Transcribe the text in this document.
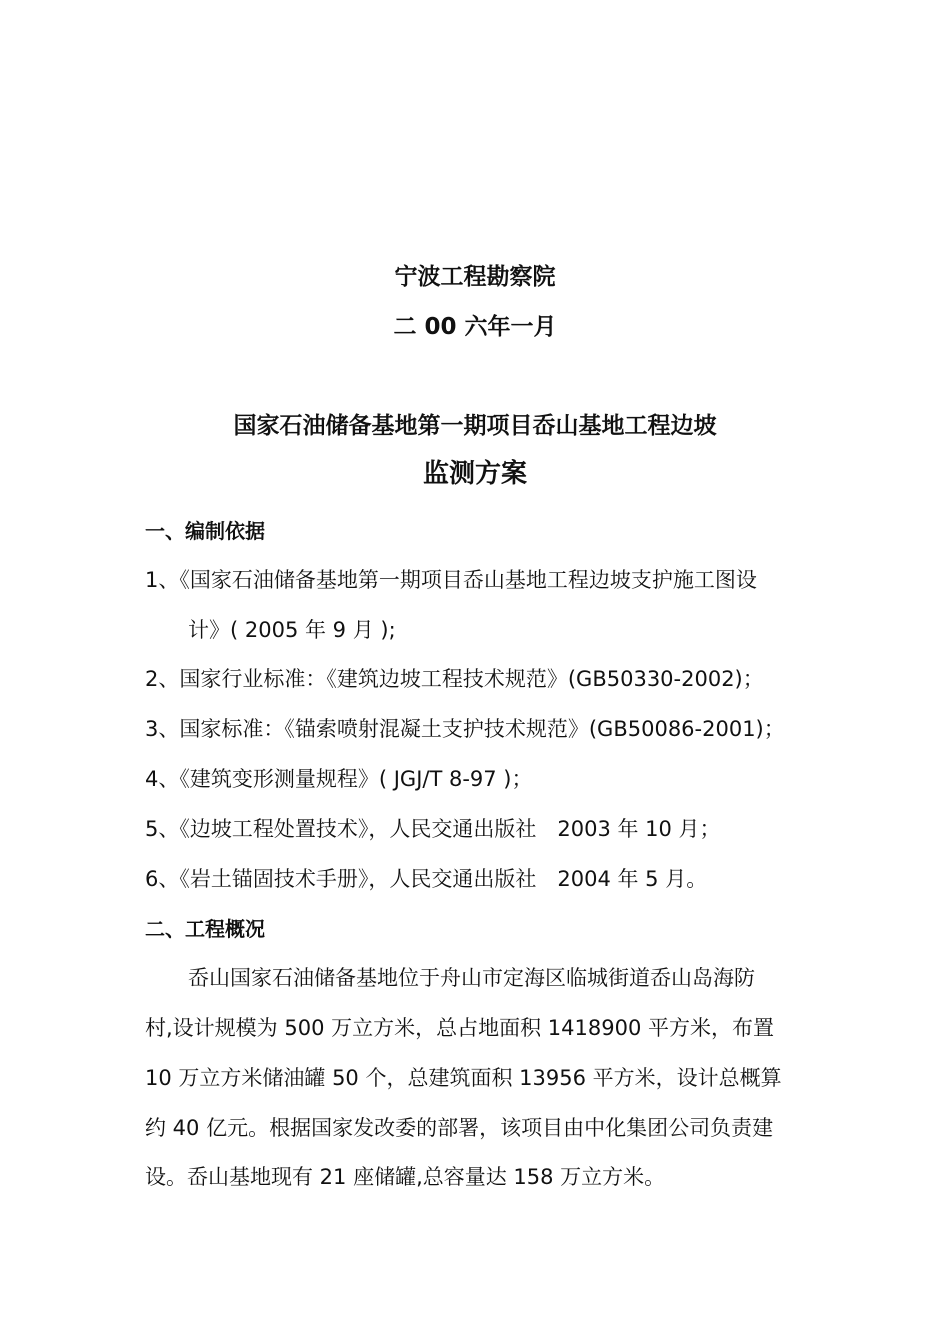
宁波工程勘察院
二 00 六年一月
国家石油储备基地第一期项目岙山基地工程边坡
监测方案
一、编制依据
1、《国家石油储备基地第一期项目岙山基地工程边坡支护施工图设
计》( 2005 年 9 月 );
2、国家行业标准：《建筑边坡工程技术规范》(GB50330-2002)；
3、国家标准：《锚索喷射混凝土支护技术规范》(GB50086-2001)；
4、《建筑变形测量规程》( JGJ/T 8-97 )；
5、《边坡工程处置技术》，人民交通出版社　2003 年 10 月；
6、《岩土锚固技术手册》，人民交通出版社　2004 年 5 月。
二、工程概况
岙山国家石油储备基地位于舟山市定海区临城街道岙山岛海防
村,设计规模为 500 万立方米，总占地面积 1418900 平方米，布置
10 万立方米储油罐 50 个，总建筑面积 13956 平方米，设计总概算
约 40 亿元。根据国家发改委的部署，该项目由中化集团公司负责建
设。岙山基地现有 21 座储罐,总容量达 158 万立方米。
